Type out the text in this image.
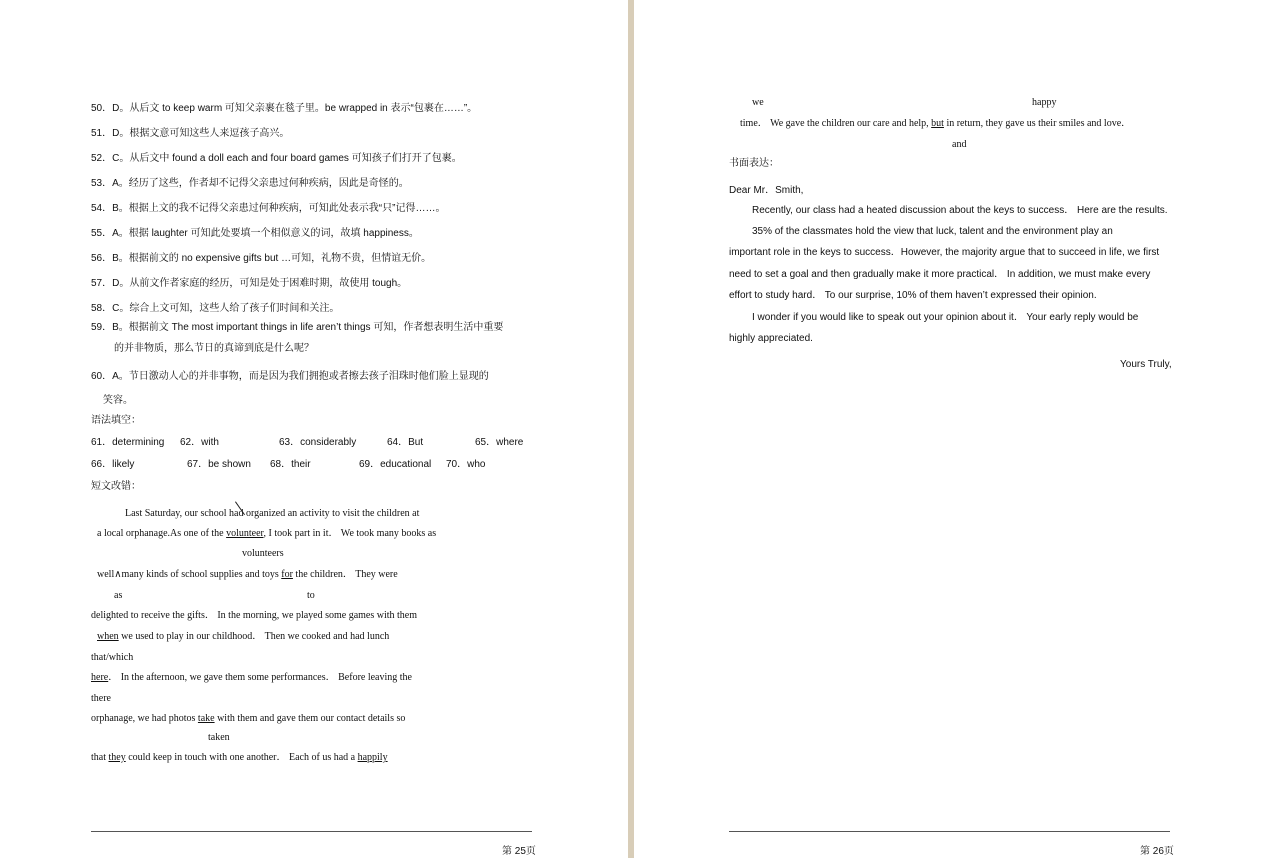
50．D。从后文 to keep warm 可知父亲裹在毯子里。be wrapped in 表示“包裹在……”。
51．D。根据文意可知这些人来逗孩子高兴。
52．C。从后文中 found a doll each and four board games 可知孩子们打开了包裹。
53．A。经历了这些，作者却不记得父亲患过何种疾病，因此是奇怪的。
54．B。根据上文的我不记得父亲患过何种疾病，可知此处表示我“只”记得……。
55．A。根据 laughter 可知此处要填一个相似意义的词，故填 happiness。
56．B。根据前文的 no expensive gifts but …可知，礼物不贵，但情谊无价。
57．D。从前文作者家庭的经历，可知是处于困难时期，故使用 tough。
58．C。综合上文可知，这些人给了孩子们时间和关注。
59．B。根据前文 The most important things in life aren’t things 可知，作者想表明生活中重要
的并非物质，那么节日的真谛到底是什么呢？
60．A。节日激动人心的并非事物，而是因为我们拥抱或者擦去孩子泪珠时他们脸上显现的
笑容。
语法填空：
61．determining 62．with	63．considerably	64．But	65．where
66．likely	67．be shown 68．their	69．educational 70．who
短文改错：
Last Saturday, our school had organized an activity to visit the children at
a local orphanage.As one of the volunteer, I took part in it． We took many books as
volunteers
well∧many kinds of school supplies and toys for the children． They were
as	to
delighted to receive the gifts． In the morning, we played some games with them
when we used to play in our childhood． Then we cooked and had lunch
that/which
here． In the afternoon, we gave them some performances． Before leaving the
there
orphanage, we had photos take with them and gave them our contact details so
taken
that they could keep in touch with one another． Each of us had a happily
第 25页
we	happy
time． We gave the children our care and help, but in return, they gave us their smiles and love．
and
书面表达：
Dear Mr．Smith,
Recently, our class had a heated discussion about the keys to success． Here are the results.
35% of the classmates hold the view that luck, talent and the environment play an
important role in the keys to success．However, the majority argue that to succeed in life, we first
need to set a goal and then gradually make it more practical． In addition, we must make every
effort to study hard． To our surprise, 10% of them haven’t expressed their opinion.
I wonder if you would like to speak out your opinion about it． Your early reply would be
highly appreciated.
Yours Truly,
第 26页
